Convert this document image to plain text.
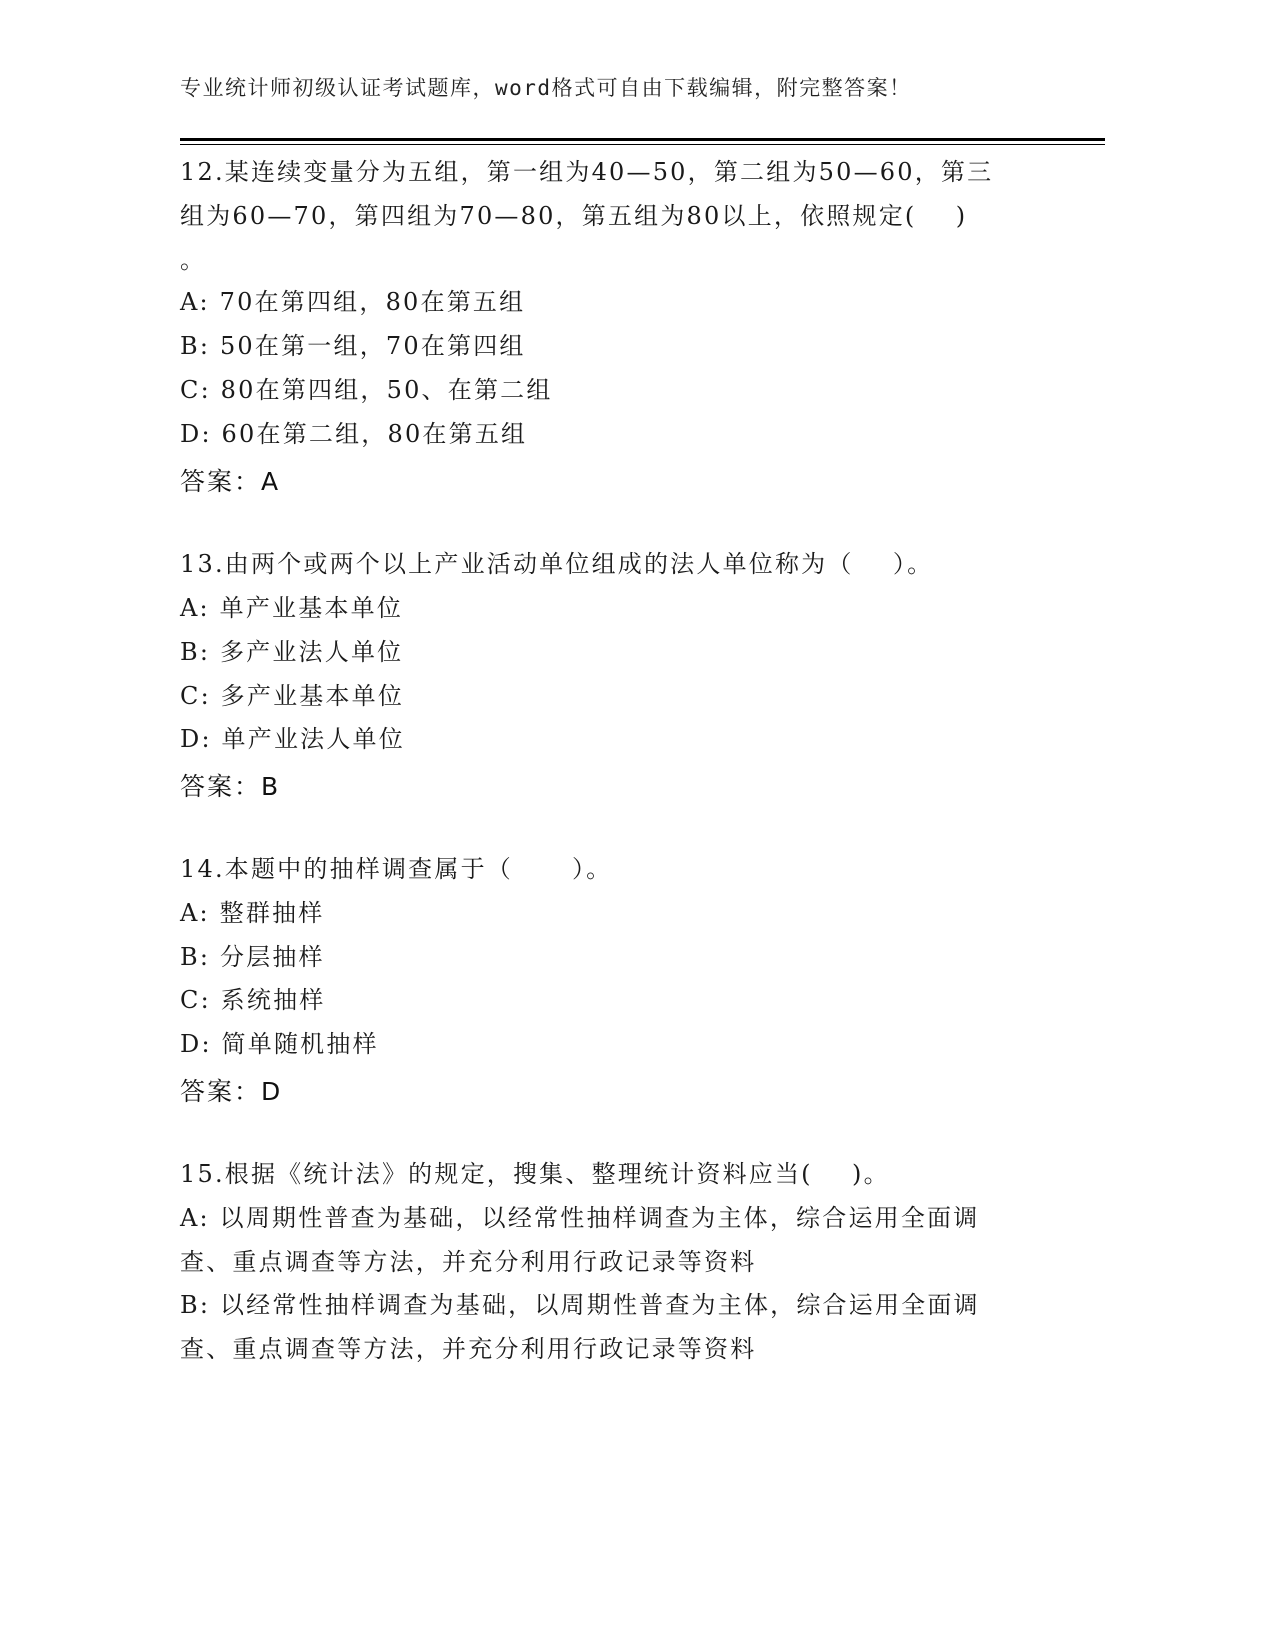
专业统计师初级认证考试题库，word格式可自由下载编辑，附完整答案！
12.某连续变量分为五组，第一组为40—50，第二组为50—60，第三
组为60—70，第四组为70—80，第五组为80以上，依照规定(    )
。
A: 70在第四组，80在第五组
B: 50在第一组，70在第四组
C: 80在第四组，50、在第二组
D: 60在第二组，80在第五组
答案：A
13.由两个或两个以上产业活动单位组成的法人单位称为（    ）。
A: 单产业基本单位
B: 多产业法人单位
C: 多产业基本单位
D: 单产业法人单位
答案：B
14.本题中的抽样调查属于（      ）。
A: 整群抽样
B: 分层抽样
C: 系统抽样
D: 简单随机抽样
答案：D
15.根据《统计法》的规定，搜集、整理统计资料应当(    )。
A: 以周期性普查为基础，以经常性抽样调查为主体，综合运用全面调
查、重点调查等方法，并充分利用行政记录等资料
B: 以经常性抽样调查为基础，以周期性普查为主体，综合运用全面调
查、重点调查等方法，并充分利用行政记录等资料
